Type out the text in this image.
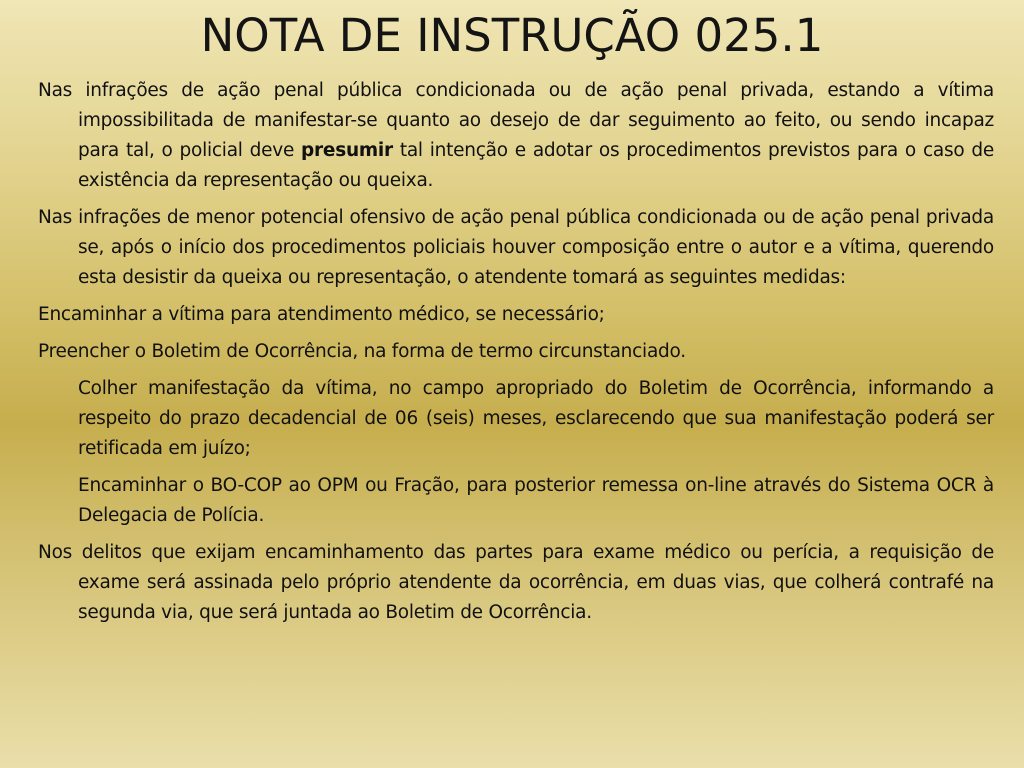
NOTA DE INSTRUÇÃO 025.1

Nas infrações de ação penal pública condicionada ou de ação penal privada, estando a vítima impossibilitada de manifestar-se quanto ao desejo de dar seguimento ao feito, ou sendo incapaz para tal, o policial deve presumir tal intenção e adotar os procedimentos previstos para o caso de existência da representação ou queixa.

Nas infrações de menor potencial ofensivo de ação penal pública condicionada ou de ação penal privada se, após o início dos procedimentos policiais houver composição entre o autor e a vítima, querendo esta desistir da queixa ou representação, o atendente tomará as seguintes medidas:

Encaminhar a vítima para atendimento médico, se necessário;

Preencher o Boletim de Ocorrência, na forma de termo circunstanciado.

Colher manifestação da vítima, no campo apropriado do Boletim de Ocorrência, informando a respeito do prazo decadencial de 06 (seis) meses, esclarecendo que sua manifestação poderá ser retificada em juízo;

Encaminhar o BO-COP ao OPM ou Fração, para posterior remessa on-line através do Sistema OCR à Delegacia de Polícia.

Nos delitos que exijam encaminhamento das partes para exame médico ou perícia, a requisição de exame será assinada pelo próprio atendente da ocorrência, em duas vias, que colherá contrafé na segunda via, que será juntada ao Boletim de Ocorrência.
